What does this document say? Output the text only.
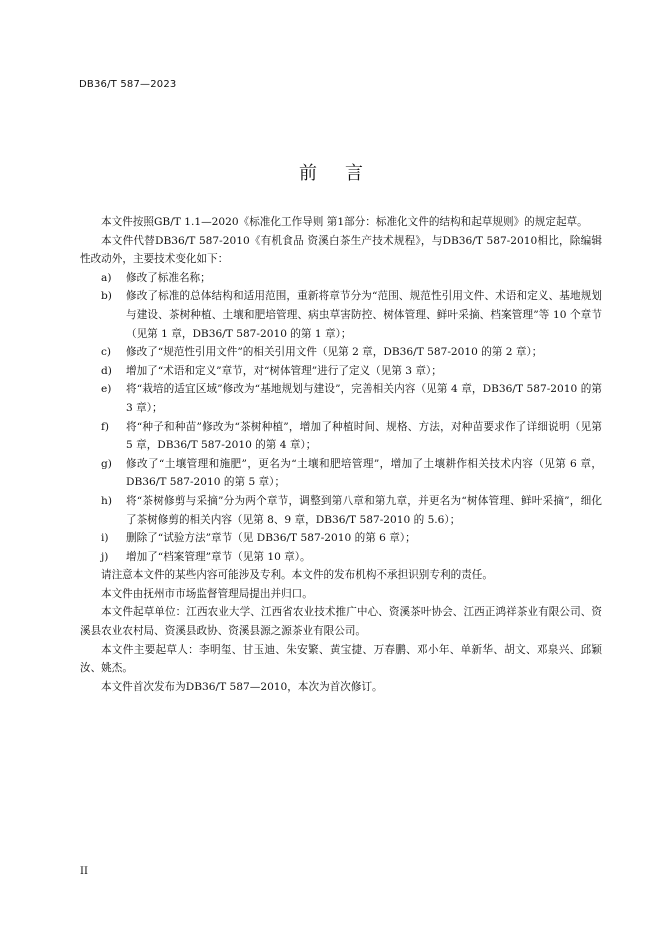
DB36/T 587—2023
前言

本文件按照GB/T 1.1—2020《标准化工作导则 第1部分：标准化文件的结构和起草规则》的规定起草。

本文件代替DB36/T 587-2010《有机食品 资溪白茶生产技术规程》，与DB36/T 587-2010相比，除编辑性改动外，主要技术变化如下：

a) 修改了标准名称；
b) 修改了标准的总体结构和适用范围，重新将章节分为“范围、规范性引用文件、术语和定义、基地规划与建设、茶树种植、土壤和肥培管理、病虫草害防控、树体管理、鲜叶采摘、档案管理”等 10 个章节（见第 1 章，DB36/T 587-2010 的第 1 章）；
c) 修改了“规范性引用文件”的相关引用文件（见第 2 章，DB36/T 587-2010 的第 2 章）；
d) 增加了“术语和定义”章节，对“树体管理”进行了定义（见第 3 章）；
e) 将“栽培的适宜区域”修改为“基地规划与建设”，完善相关内容（见第 4 章，DB36/T 587-2010 的第 3 章）；
f) 将“种子和种苗”修改为“茶树种植”，增加了种植时间、规格、方法，对种苗要求作了详细说明（见第 5 章，DB36/T 587-2010 的第 4 章）；
g) 修改了“土壤管理和施肥”，更名为“土壤和肥培管理”，增加了土壤耕作相关技术内容（见第 6 章，DB36/T 587-2010 的第 5 章）；
h) 将“茶树修剪与采摘”分为两个章节，调整到第八章和第九章，并更名为“树体管理、鲜叶采摘”，细化了茶树修剪的相关内容（见第 8、9 章，DB36/T 587-2010 的 5.6）；
i) 删除了“试验方法”章节（见 DB36/T 587-2010 的第 6 章）；
j) 增加了“档案管理”章节（见第 10 章）。

请注意本文件的某些内容可能涉及专利。本文件的发布机构不承担识别专利的责任。

本文件由抚州市市场监督管理局提出并归口。

本文件起草单位：江西农业大学、江西省农业技术推广中心、资溪茶叶协会、江西正鸿祥茶业有限公司、资溪县农业农村局、资溪县政协、资溪县源之源茶业有限公司。

本文件主要起草人：李明玺、甘玉迪、朱安繁、黄宝捷、万春鹏、邓小年、单新华、胡文、邓泉兴、邱颖汝、姚杰。

本文件首次发布为DB36/T 587—2010，本次为首次修订。

II
